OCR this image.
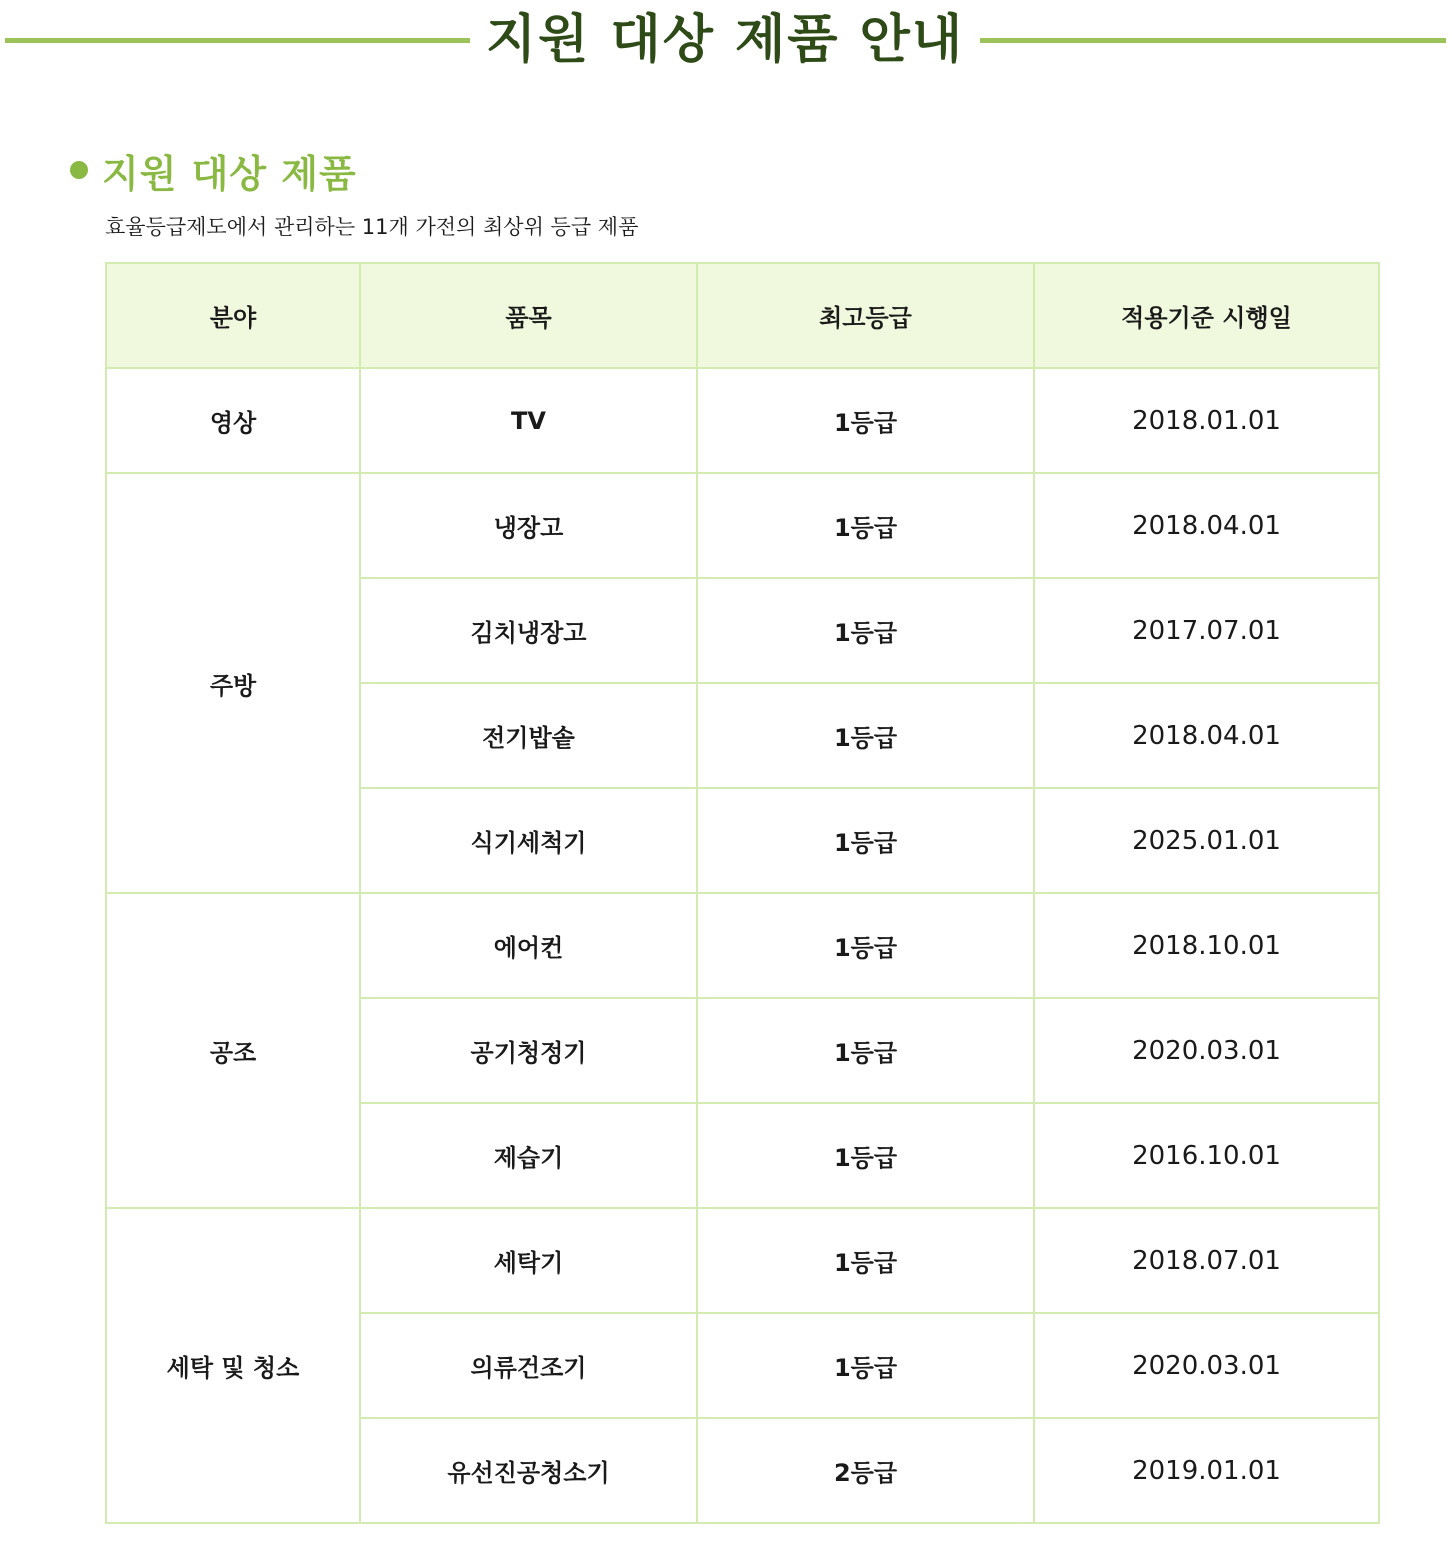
지원 대상 제품 안내
지원 대상 제품
효율등급제도에서 관리하는 11개 가전의 최상위 등급 제품
분야	품목	최고등급	적용기준 시행일
영상	TV	1등급	2018.01.01
주방	냉장고	1등급	2018.04.01
	김치냉장고	1등급	2017.07.01
	전기밥솥	1등급	2018.04.01
	식기세척기	1등급	2025.01.01
공조	에어컨	1등급	2018.10.01
	공기청정기	1등급	2020.03.01
	제습기	1등급	2016.10.01
세탁 및 청소	세탁기	1등급	2018.07.01
	의류건조기	1등급	2020.03.01
	유선진공청소기	2등급	2019.01.01
